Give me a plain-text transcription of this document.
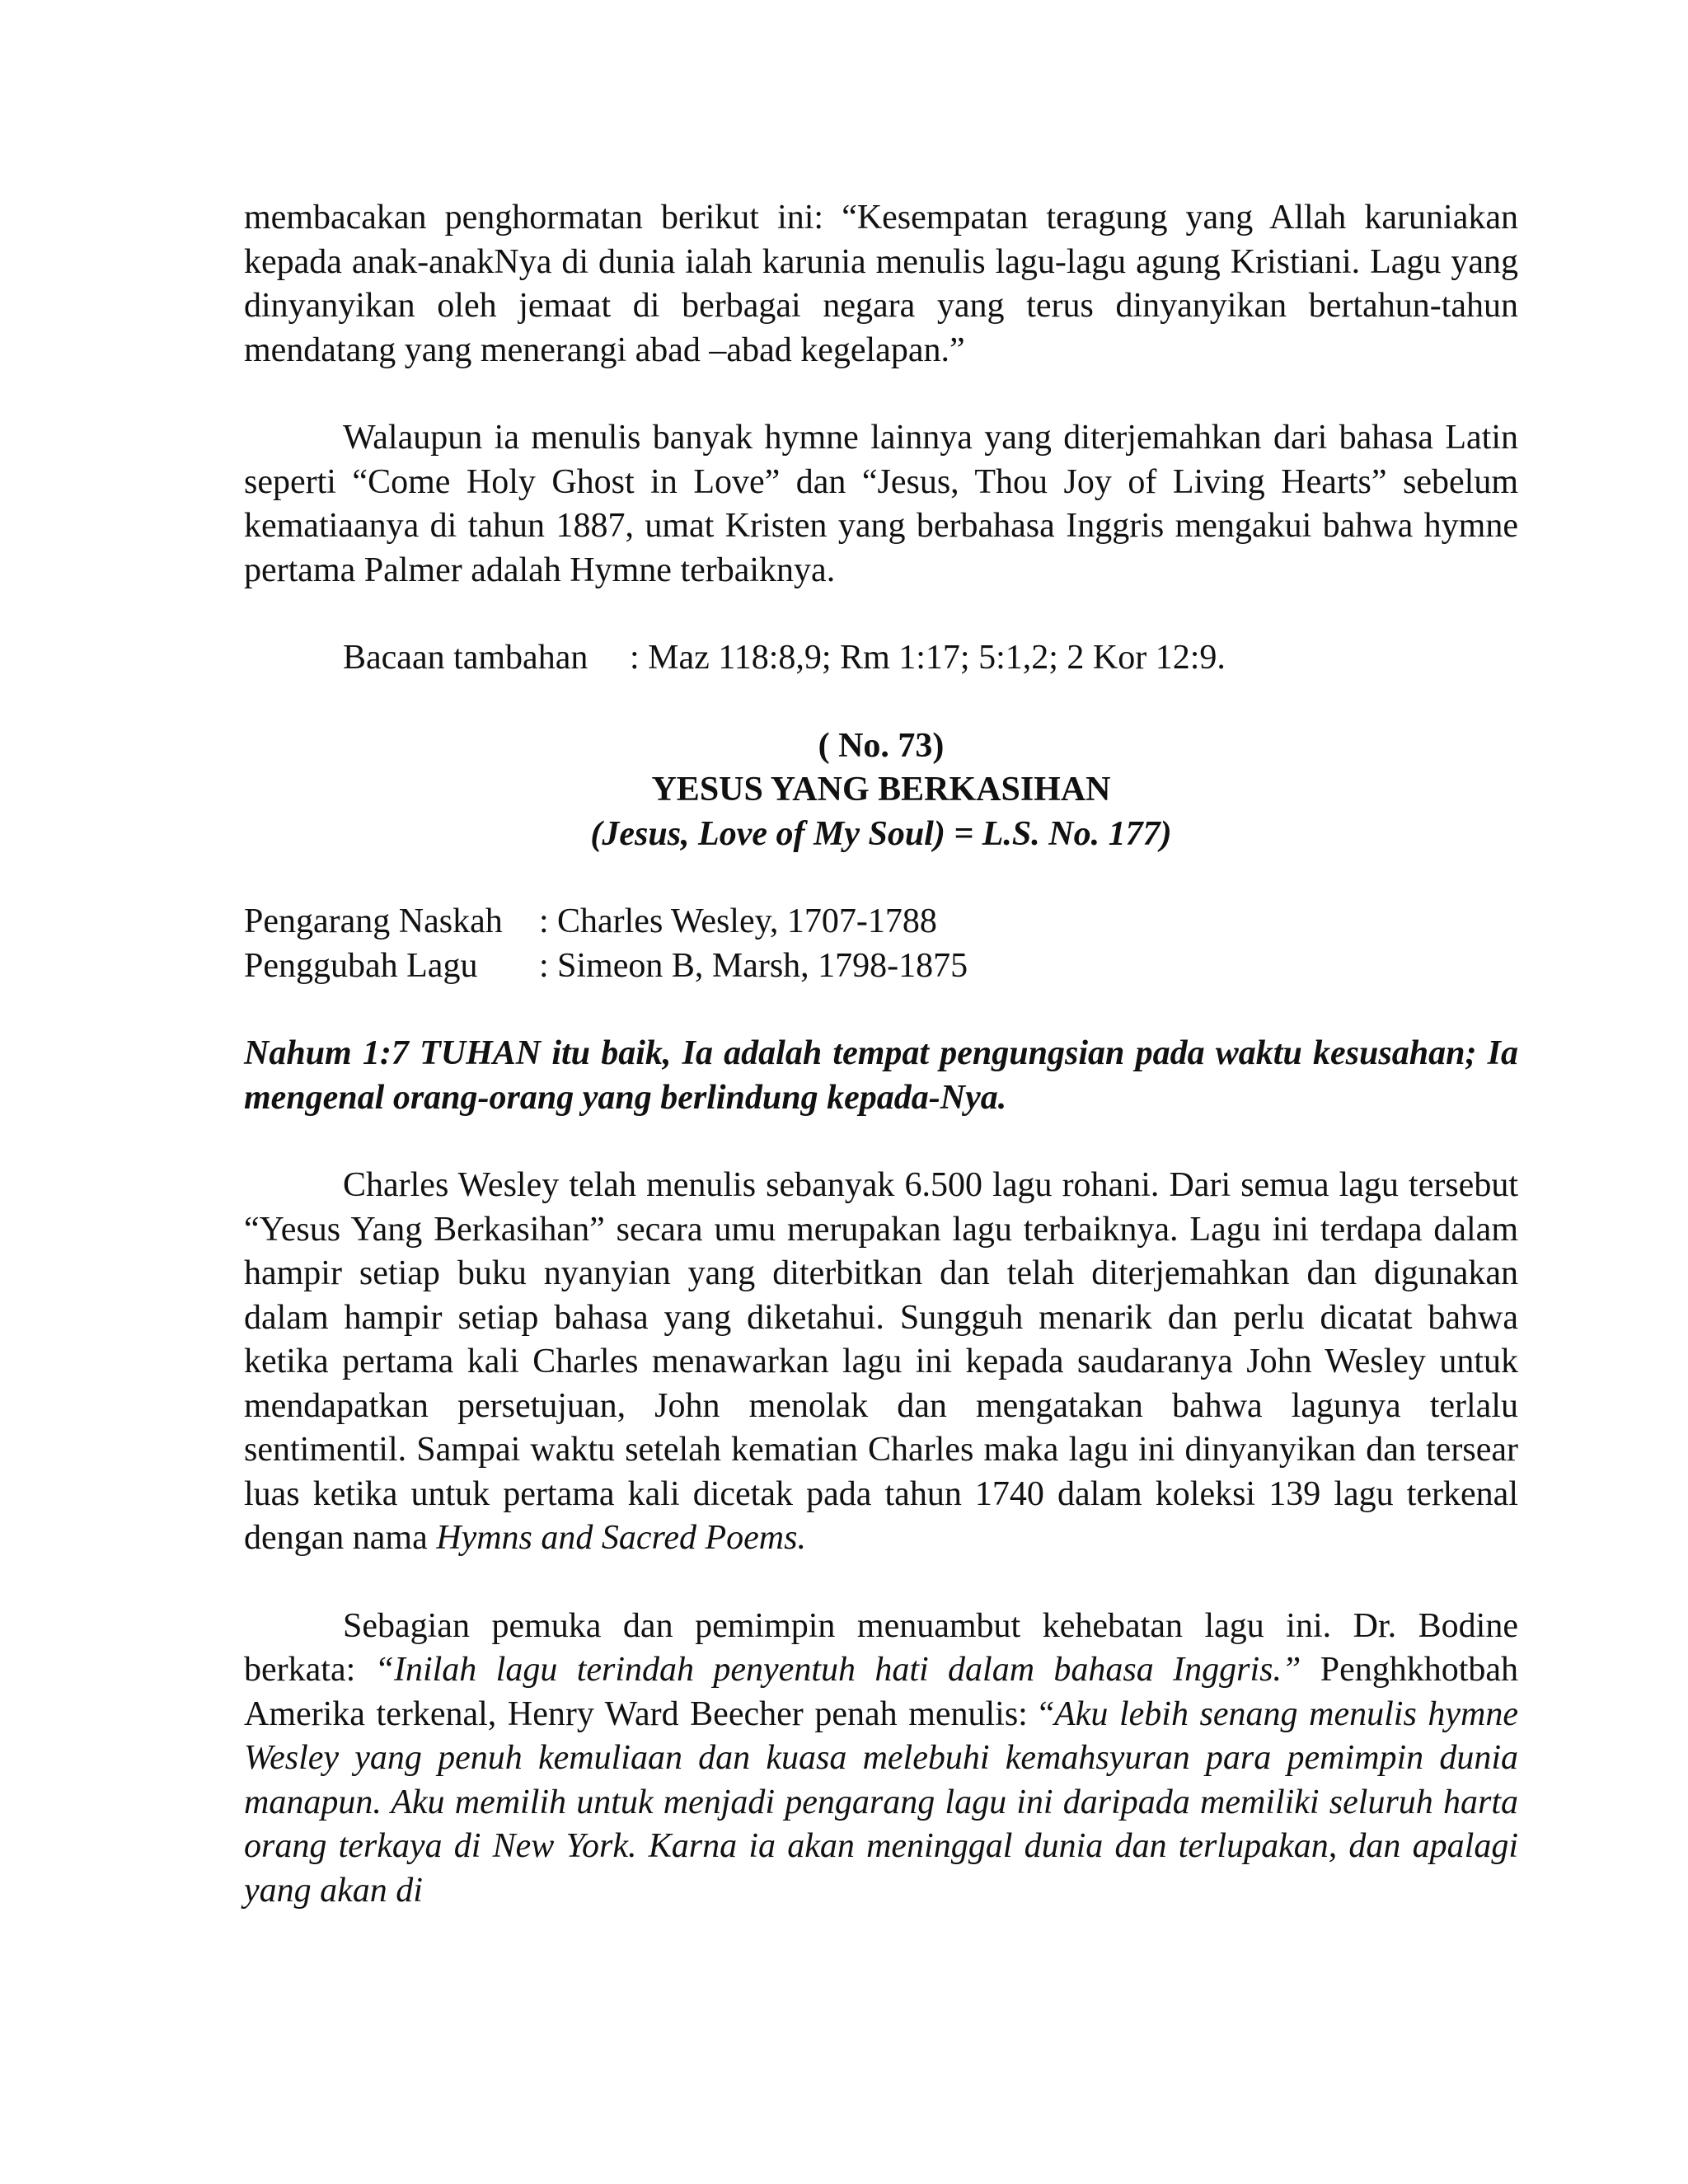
membacakan penghormatan berikut ini: “Kesempatan teragung yang Allah karuniakan kepada anak-anakNya di dunia ialah karunia menulis lagu-lagu agung Kristiani. Lagu yang dinyanyikan oleh jemaat di berbagai negara yang terus dinyanyikan bertahun-tahun mendatang yang menerangi abad –abad kegelapan.”

Walaupun ia menulis banyak hymne lainnya yang diterjemahkan dari bahasa Latin seperti “Come Holy Ghost in Love” dan “Jesus, Thou Joy of Living Hearts” sebelum kematiaanya di tahun 1887, umat Kristen yang berbahasa Inggris mengakui bahwa hymne pertama Palmer adalah Hymne terbaiknya.

Bacaan tambahan : Maz 118:8,9; Rm 1:17; 5:1,2; 2 Kor 12:9.

( No. 73)

YESUS YANG BERKASIHAN

(Jesus, Love of My Soul) = L.S. No. 177)

Pengarang Naskah	: Charles Wesley, 1707-1788
Penggubah Lagu	: Simeon B, Marsh, 1798-1875

Nahum 1:7 TUHAN itu baik, Ia adalah tempat pengungsian pada waktu kesusahan; Ia mengenal orang-orang yang berlindung kepada-Nya.

Charles Wesley telah menulis sebanyak 6.500 lagu rohani. Dari semua lagu tersebut “Yesus Yang Berkasihan” secara umu merupakan lagu terbaiknya. Lagu ini terdapa dalam hampir setiap buku nyanyian yang diterbitkan dan telah diterjemahkan dan digunakan dalam hampir setiap bahasa yang diketahui. Sungguh menarik dan perlu dicatat bahwa ketika pertama kali Charles menawarkan lagu ini kepada saudaranya John Wesley untuk mendapatkan persetujuan, John menolak dan mengatakan bahwa lagunya terlalu sentimentil. Sampai waktu setelah kematian Charles maka lagu ini dinyanyikan dan tersear luas ketika untuk pertama kali dicetak pada tahun 1740 dalam koleksi 139 lagu terkenal dengan nama Hymns and Sacred Poems.

Sebagian pemuka dan pemimpin menuambut kehebatan lagu ini. Dr. Bodine berkata: “Inilah lagu terindah penyentuh hati dalam bahasa Inggris.” Penghkhotbah Amerika terkenal, Henry Ward Beecher penah menulis: “Aku lebih senang menulis hymne Wesley yang penuh kemuliaan dan kuasa melebuhi kemahsyuran para pemimpin dunia manapun. Aku memilih untuk menjadi pengarang lagu ini daripada memiliki seluruh harta orang terkaya di New York. Karna ia akan meninggal dunia dan terlupakan, dan apalagi yang akan di
